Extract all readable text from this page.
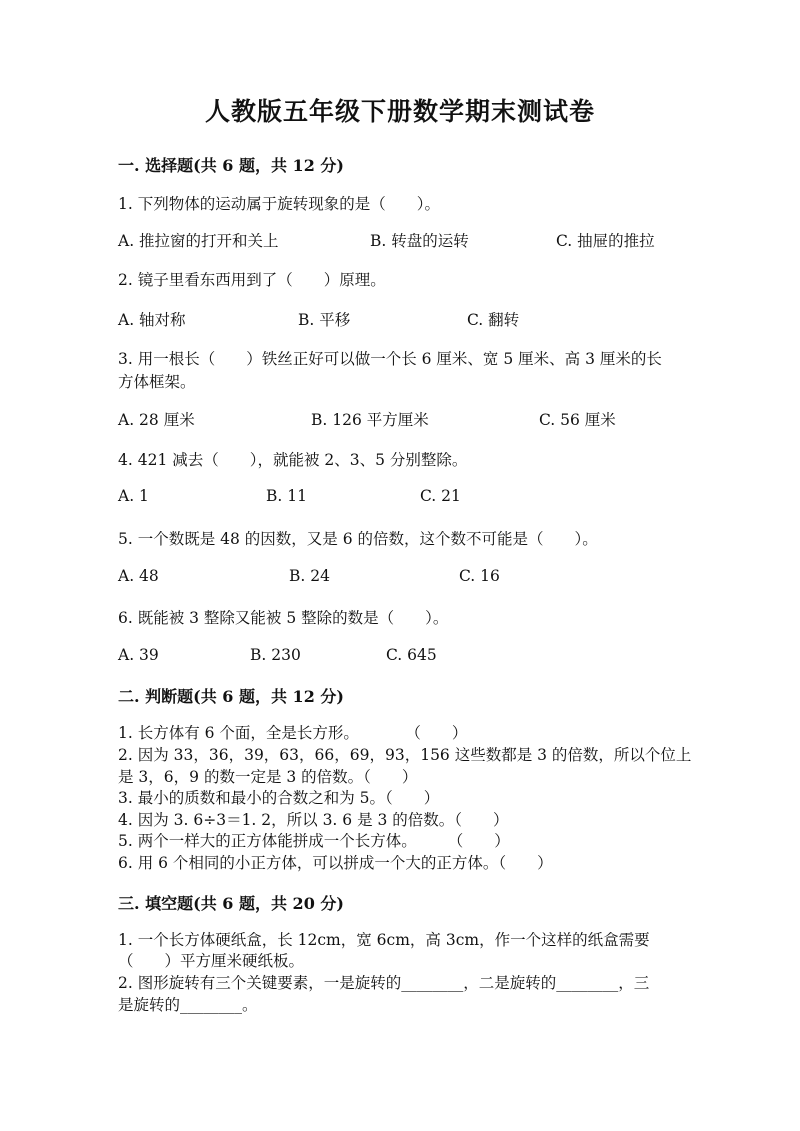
人教版五年级下册数学期末测试卷
一. 选择题(共 6 题，共 12 分)
1. 下列物体的运动属于旋转现象的是（　　）。
A. 推拉窗的打开和关上	B. 转盘的运转	C. 抽屉的推拉
2. 镜子里看东西用到了（　　）原理。
A. 轴对称	B. 平移	C. 翻转
3. 用一根长（　　）铁丝正好可以做一个长 6 厘米、宽 5 厘米、高 3 厘米的长
方体框架。
A. 28 厘米	B. 126 平方厘米	C. 56 厘米
4. 421 减去（　　），就能被 2、3、5 分别整除。
A. 1	B. 11	C. 21
5. 一个数既是 48 的因数，又是 6 的倍数，这个数不可能是（　　）。
A. 48	B. 24	C. 16
6. 既能被 3 整除又能被 5 整除的数是（　　）。
A. 39	B. 230	C. 645
二. 判断题(共 6 题，共 12 分)
1. 长方体有 6 个面，全是长方形。　　　　（　　）
2. 因为 33，36，39，63，66，69，93，156 这些数都是 3 的倍数，所以个位上
是 3，6，9 的数一定是 3 的倍数。（　　）
3. 最小的质数和最小的合数之和为 5。（　　）
4. 因为 3. 6÷3＝1. 2，所以 3. 6 是 3 的倍数。（　　）
5. 两个一样大的正方体能拼成一个长方体。　　　（　　）
6. 用 6 个相同的小正方体，可以拼成一个大的正方体。（　　）
三. 填空题(共 6 题，共 20 分)
1. 一个长方体硬纸盒，长 12cm，宽 6cm，高 3cm，作一个这样的纸盒需要
（　　）平方厘米硬纸板。
2. 图形旋转有三个关键要素，一是旋转的________，二是旋转的________，三
是旋转的________。
